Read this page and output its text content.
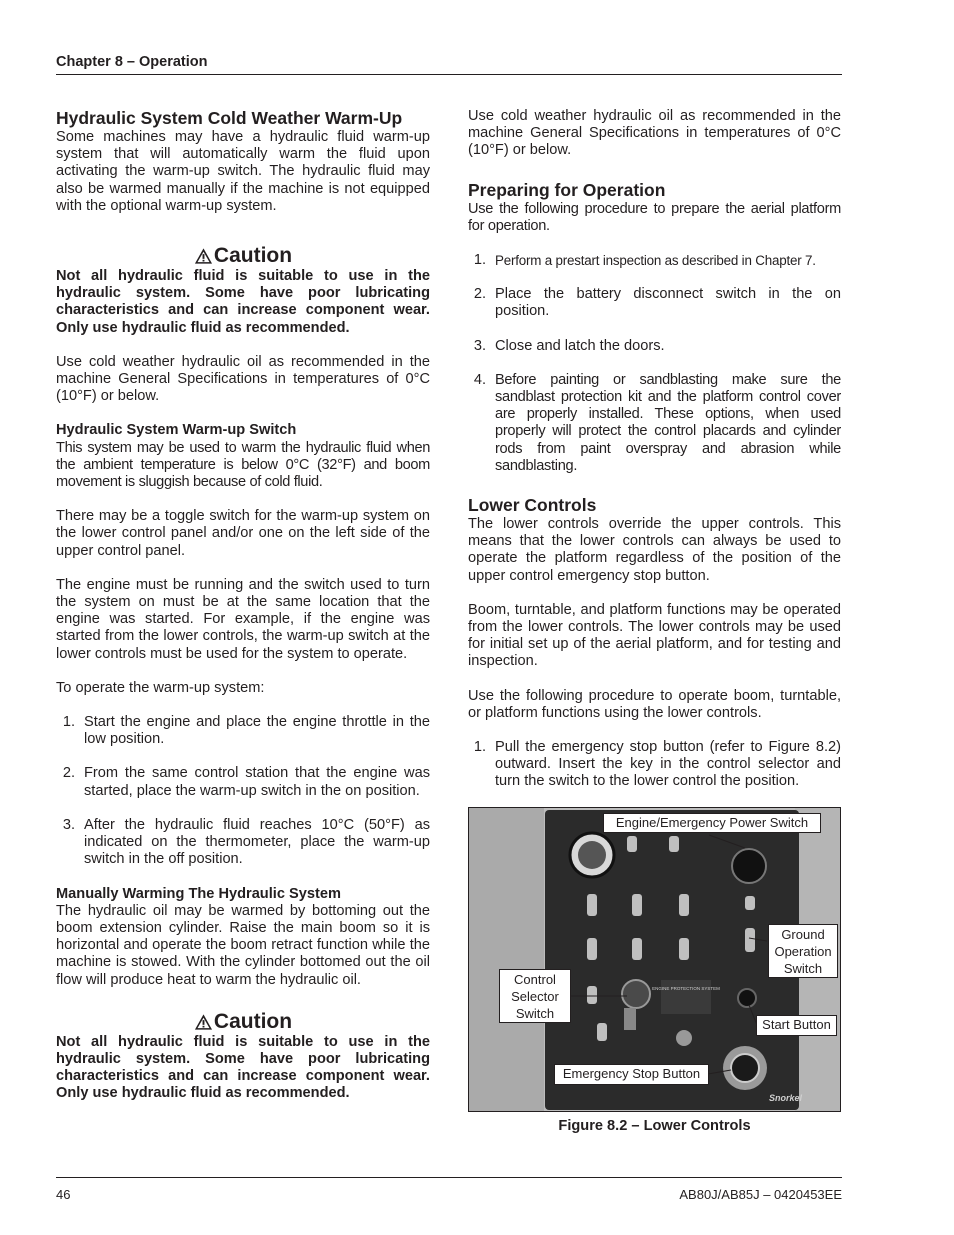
Chapter 8 – Operation
Hydraulic System Cold Weather Warm-Up

Some machines may have a hydraulic fluid warm-up system that will automatically warm the fluid upon activating the warm-up switch. The hydraulic fluid may also be warmed manually if the machine is not equipped with the optional warm-up system.

Caution

Not all hydraulic fluid is suitable to use in the hydraulic system. Some have poor lubricating characteristics and can increase component wear. Only use hydraulic fluid as recommended.

Use cold weather hydraulic oil as recommended in the machine General Specifications in temperatures of 0°C (10°F) or below.

Hydraulic System Warm-up Switch

This system may be used to warm the hydraulic fluid when the ambient temperature is below 0°C (32°F) and boom movement is sluggish because of cold fluid.

There may be a toggle switch for the warm-up system on the lower control panel and/or one on the left side of the upper control panel.

The engine must be running and the switch used to turn the system on must be at the same location that the engine was started. For example, if the engine was started from the lower controls, the warm-up switch at the lower controls must be used for the system to operate.

To operate the warm-up system:

1. Start the engine and place the engine throttle in the low position.
2. From the same control station that the engine was started, place the warm-up switch in the on position.
3. After the hydraulic fluid reaches 10°C (50°F) as indicated on the thermometer, place the warm-up switch in the off position.
Manually Warming The Hydraulic System

The hydraulic oil may be warmed by bottoming out the boom extension cylinder. Raise the main boom so it is horizontal and operate the boom retract function while the machine is stowed. With the cylinder bottomed out the oil flow will produce heat to warm the hydraulic oil.

Caution

Not all hydraulic fluid is suitable to use in the hydraulic system. Some have poor lubricating characteristics and can increase component wear. Only use hydraulic fluid as recommended.

Use cold weather hydraulic oil as recommended in the machine General Specifications in temperatures of 0°C (10°F) or below.

Preparing for Operation

Use the following procedure to prepare the aerial platform for operation.

1. Perform a prestart inspection as described in Chapter 7.
2. Place the battery disconnect switch in the on position.
3. Close and latch the doors.
4. Before painting or sandblasting make sure the sandblast protection kit and the platform control cover are properly installed. These options, when used properly will protect the control placards and cylinder rods from paint overspray and abrasion while sandblasting.
Lower Controls

The lower controls override the upper controls. This means that the lower controls can always be used to operate the platform regardless of the position of the upper control emergency stop button.

Boom, turntable, and platform functions may be operated from the lower controls. The lower controls may be used for initial set up of the aerial platform, and for testing and inspection.

Use the following procedure to operate boom, turntable, or platform functions using the lower controls.

1. Pull the emergency stop button (refer to Figure 8.2) outward. Insert the key in the control selector and turn the switch to the lower control the position.
ENGINE PROTECTION SYSTEM
Snorkel
Engine/Emergency Power Switch
Ground Operation Switch
Control Selector Switch
Start Button
Emergency Stop Button
Figure 8.2 – Lower Controls
46	AB80J/AB85J – 0420453EE
